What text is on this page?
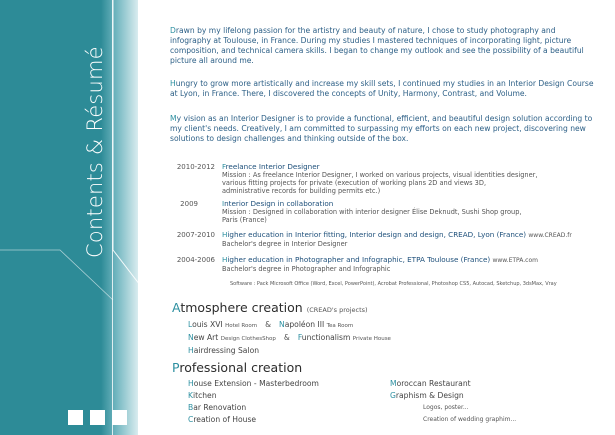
Contents & Résumé

Drawn by my lifelong passion for the artistry and beauty of nature, I chose to study photography and infography at Toulouse, in France. During my studies I mastered techniques of incorporating light, picture composition, and technical camera skills. I began to change my outlook and see the possibility of a beautiful picture all around me.

Hungry to grow more artistically and increase my skill sets, I continued my studies in an Interior Design Course at Lyon, in France. There, I discovered the concepts of Unity, Harmony, Contrast, and Volume.

My vision as an Interior Designer is to provide a functional, efficient, and beautiful design solution according to my client's needs. Creatively, I am committed to surpassing my efforts on each new project, discovering new solutions to design challenges and thinking outside of the box.

2010-2012 Freelance Interior Designer
Mission : As freelance Interior Designer, I worked on various projects, visual identities designer,
various fitting projects for private (execution of working plans 2D and views 3D,
administrative records for building permits etc.)
2009	Interior Design in collaboration
Mission : Designed in collaboration with interior designer Élise Deknudt, Sushi Shop group,
Paris (France)
2007-2010 Higher education in Interior fitting, Interior design and design, CREAD, Lyon (France) www.CREAD.fr
Bachelor's degree in Interior Designer
2004-2006 Higher education in Photographer and Infographic, ETPA Toulouse (France) www.ETPA.com
Bachelor's degree in Photographer and Infographic
Software : Pack Microsoft Office (Word, Excel, PowerPoint), Acrobat Professional, Photoshop CS5, Autocad, Sketchup, 3dsMax, Vray
Atmosphere creation (CREAD's projects)
Louis XVI Hotel Room & Napoléon III Tea Room
New Art Design ClothesShop & Functionalism Private House
Hairdressing Salon
Professional creation
House Extension - Masterbedroom
Kitchen
Bar Renovation
Creation of House
Moroccan Restaurant
Graphism & Design
Logos, poster...
Creation of wedding graphim...
